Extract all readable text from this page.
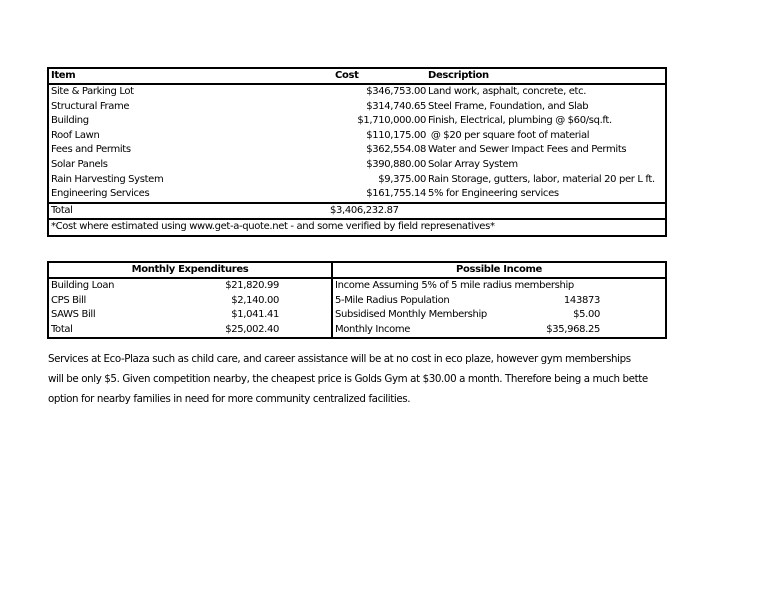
Item	Cost	Description
Site & Parking Lot	$346,753.00 Land work, asphalt, concrete, etc.
Structural Frame	$314,740.65 Steel Frame, Foundation, and Slab
Building	$1,710,000.00 Finish, Electrical, plumbing @ $60/sq.ft.
Roof Lawn	$110,175.00 @ $20 per square foot of material
Fees and Permits	$362,554.08 Water and Sewer Impact Fees and Permits
Solar Panels	$390,880.00 Solar Array System
Rain Harvesting System	$9,375.00 Rain Storage, gutters, labor, material 20 per L ft.
Engineering Services	$161,755.14 5% for Engineering services
Total	$3,406,232.87
*Cost where estimated using www.get-a-quote.net - and some verified by field represenatives*
Monthly Expenditures
Building Loan	$21,820.99
CPS Bill	$2,140.00
SAWS Bill	$1,041.41
Total	$25,002.40
Possible Income
Income Assuming 5% of 5 mile radius membership
5-Mile Radius Population	143873
Subsidised Monthly Membership	$5.00
Monthly Income	$35,968.25
Services at Eco-Plaza such as child care, and career assistance will be at no cost in eco plaze, however gym memberships
will be only $5. Given competition nearby, the cheapest price is Golds Gym at $30.00 a month. Therefore being a much bette
option for nearby families in need for more community centralized facilities.
